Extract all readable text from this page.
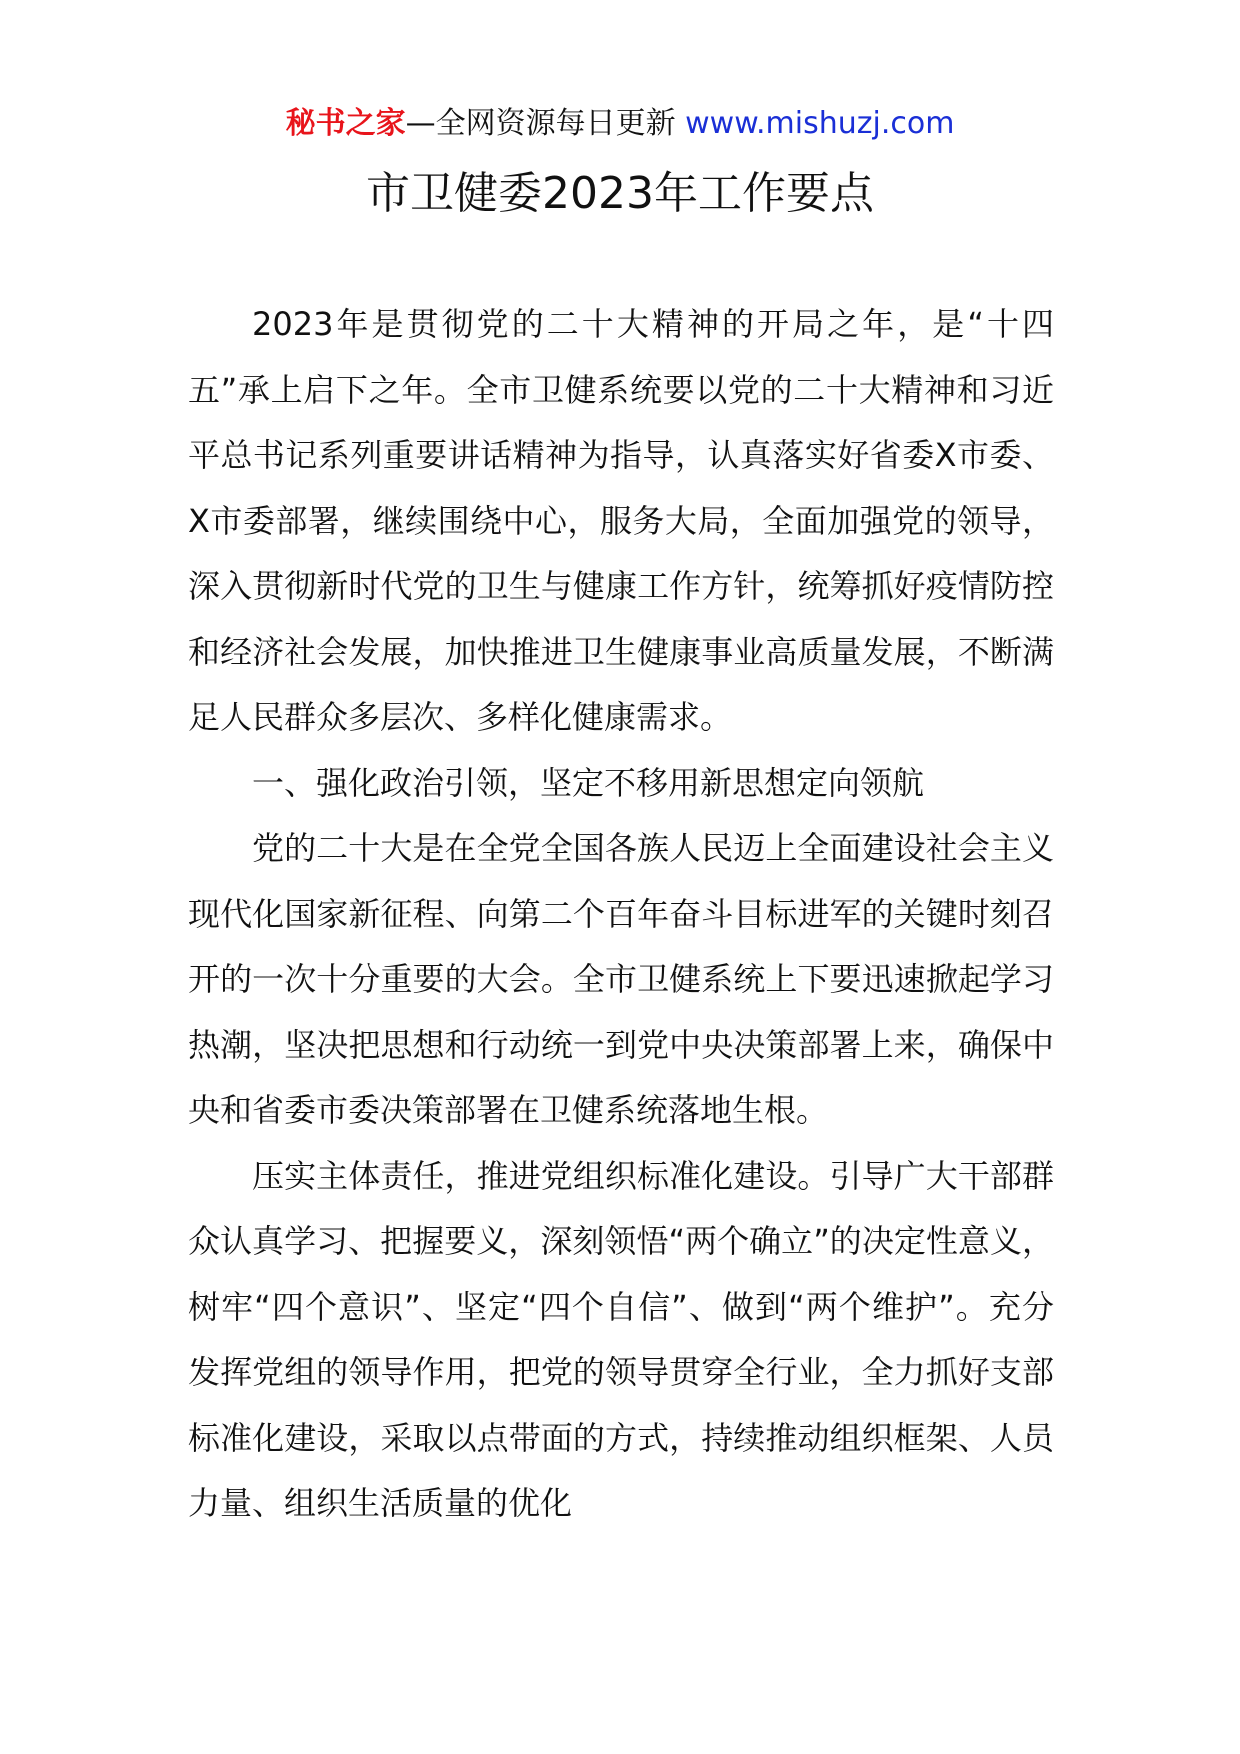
秘书之家—全网资源每日更新 www.mishuzj.com
市卫健委2023年工作要点

2023年是贯彻党的二十大精神的开局之年，是“十四五”承上启下之年。全市卫健系统要以党的二十大精神和习近平总书记系列重要讲话精神为指导，认真落实好省委X市委、X市委部署，继续围绕中心，服务大局，全面加强党的领导，深入贯彻新时代党的卫生与健康工作方针，统筹抓好疫情防控和经济社会发展，加快推进卫生健康事业高质量发展，不断满足人民群众多层次、多样化健康需求。

一、强化政治引领，坚定不移用新思想定向领航

党的二十大是在全党全国各族人民迈上全面建设社会主义现代化国家新征程、向第二个百年奋斗目标进军的关键时刻召开的一次十分重要的大会。全市卫健系统上下要迅速掀起学习热潮，坚决把思想和行动统一到党中央决策部署上来，确保中央和省委市委决策部署在卫健系统落地生根。

压实主体责任，推进党组织标准化建设。引导广大干部群众认真学习、把握要义，深刻领悟“两个确立”的决定性意义，树牢“四个意识”、坚定“四个自信”、做到“两个维护”。充分发挥党组的领导作用，把党的领导贯穿全行业，全力抓好支部标准化建设，采取以点带面的方式，持续推动组织框架、人员力量、组织生活质量的优化
